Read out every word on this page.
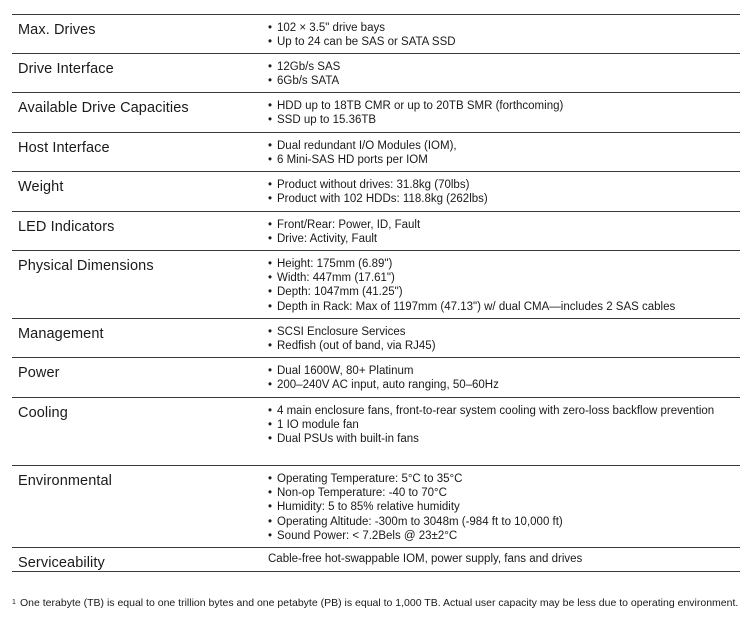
Max. Drives	• 102 × 3.5" drive bays
• Up to 24 can be SAS or SATA SSD
Drive Interface	• 12Gb/s SAS
• 6Gb/s SATA
Available Drive Capacities	• HDD up to 18TB CMR or up to 20TB SMR (forthcoming)
• SSD up to 15.36TB
Host Interface	• Dual redundant I/O Modules (IOM),
• 6 Mini-SAS HD ports per IOM
Weight	• Product without drives: 31.8kg (70lbs)
• Product with 102 HDDs: 118.8kg (262lbs)
LED Indicators	• Front/Rear: Power, ID, Fault
• Drive: Activity, Fault
Physical Dimensions	• Height: 175mm (6.89")
• Width: 447mm (17.61")
• Depth: 1047mm (41.25")
• Depth in Rack: Max of 1197mm (47.13") w/ dual CMA—includes 2 SAS cables
Management	• SCSI Enclosure Services
• Redfish (out of band, via RJ45)
Power	• Dual 1600W, 80+ Platinum
• 200–240V AC input, auto ranging, 50–60Hz
Cooling	• 4 main enclosure fans, front-to-rear system cooling with zero-loss backflow prevention
• 1 IO module fan
• Dual PSUs with built-in fans
Environmental	• Operating Temperature: 5°C to 35°C
• Non-op Temperature: -40 to 70°C
• Humidity: 5 to 85% relative humidity
• Operating Altitude: -300m to 3048m (-984 ft to 10,000 ft)
• Sound Power: < 7.2Bels @ 23±2°C
Serviceability	Cable-free hot-swappable IOM, power supply, fans and drives
1 One terabyte (TB) is equal to one trillion bytes and one petabyte (PB) is equal to 1,000 TB. Actual user capacity may be less due to operating environment.
